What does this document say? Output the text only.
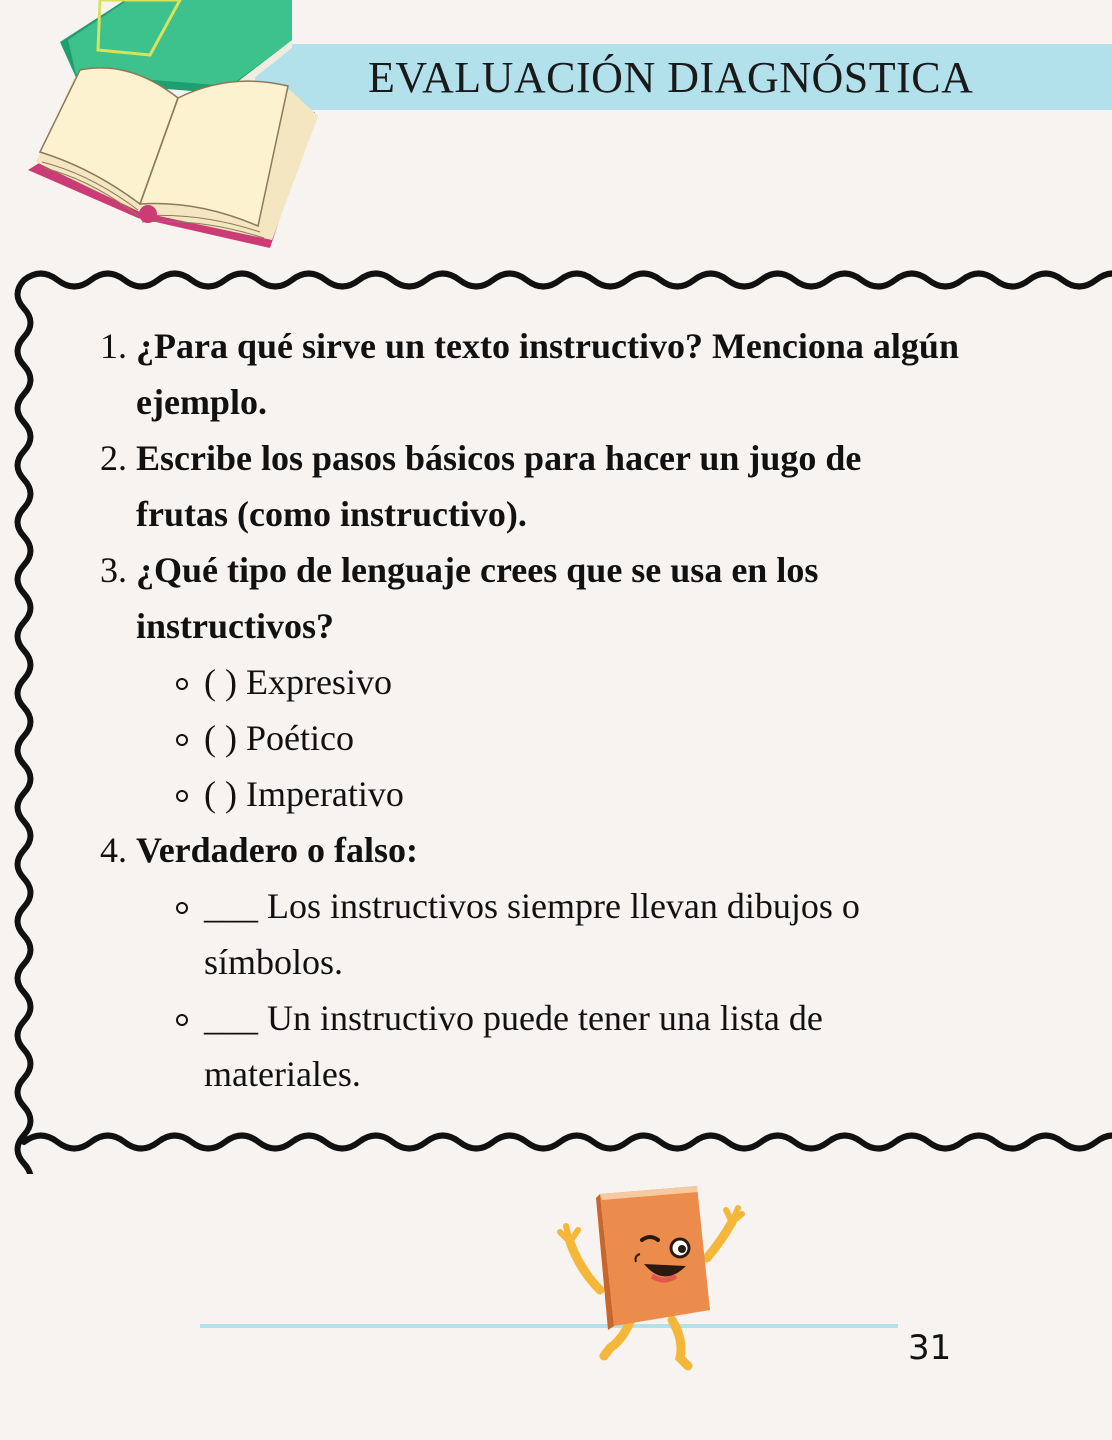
EVALUACIÓN DIAGNÓSTICA
1. ¿Para qué sirve un texto instructivo? Menciona algún
ejemplo.
2. Escribe los pasos básicos para hacer un jugo de
frutas (como instructivo).
3. ¿Qué tipo de lenguaje crees que se usa en los
instructivos?
( ) Expresivo
( ) Poético
( ) Imperativo
4. Verdadero o falso:
___ Los instructivos siempre llevan dibujos o
símbolos.
___ Un instructivo puede tener una lista de
materiales.
31
